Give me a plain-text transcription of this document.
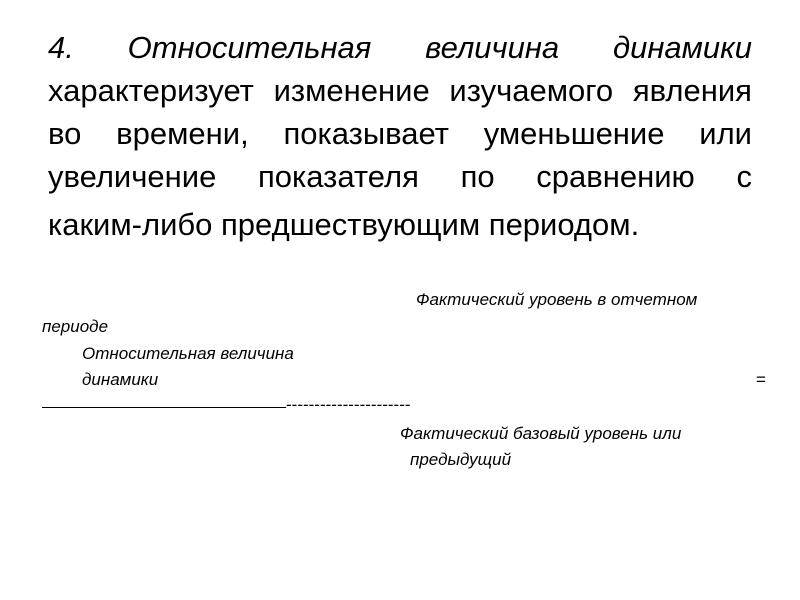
4. Относительная величина динамики
характеризует изменение изучаемого явления
во времени, показывает уменьшение или
увеличение показателя по сравнению с
каким-либо предшествующим периодом.
Фактический уровень в отчетном
периоде
Относительная величина
динамики	=
----------------------
Фактический базовый уровень или
предыдущий
